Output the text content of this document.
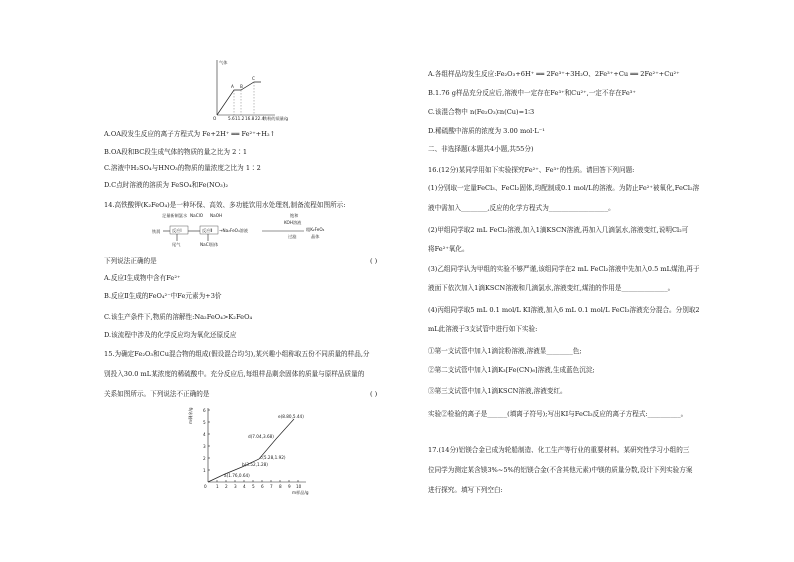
气体
O
A B
C
5.6 11.2 16.8 22.4
铁粉的质量/g
A.OA段发生反应的离子方程式为 Fe+2H⁺ ══ Fe²⁺+H₂↑
B.OA段和BC段生成气体的物质的量之比为 2∶1
C.溶液中H₂SO₄与HNO₃的物质的量浓度之比为 1∶2
D.C点时溶液的溶质为 FeSO₄和Fe(NO₃)₂
14.高铁酸钾(K₂FeO₄)是一种环保、高效、多功能饮用水处理剂,制备流程如图所示:
足量新制氯水 NaClO NaOH	饱和
KOH溶液
粗K₂FeO₄
铁屑	反应Ⅰ	反应Ⅱ →Na₂FeO₄溶液
过滤	晶体
尾气	NaCl固体
下列说法正确的是	( )
A.反应Ⅰ生成物中含有Fe²⁺
B.反应Ⅱ生成的FeO₄²⁻中Fe元素为+3价
C.该生产条件下,物质的溶解性:Na₂FeO₄>K₂FeO₄
D.该流程中涉及的化学反应均为氧化还原反应
15.为确定Fe₂O₃和Cu混合物的组成(假设混合均匀),某兴趣小组称取五份不同质量的样品,分
别投入30.0 mL某浓度的稀硫酸中。充分反应后,每组样品剩余固体的质量与原样品质量的
关系如图所示。下列说法不正确的是	( )
m剩余/g
0 1 2 3 4 5 6 7 8 9 10
m样品/g
1
2
3
4
5
6
a(1.76,0.64)
b(3.52,1.28)
c(5.28,1.92)
d(7.04,3.68)
e(8.80,5.44)
A.各组样品均发生反应:Fe₂O₃+6H⁺ ══ 2Fe³⁺+3H₂O、2Fe³⁺+Cu ══ 2Fe²⁺+Cu²⁺
B.1.76 g样品充分反应后,溶液中一定存在Fe³⁺和Cu²⁺,一定不存在Fe³⁺
C.该混合物中 n(Fe₂O₃)∶n(Cu)=1∶3
D.稀硫酸中溶质的浓度为 3.00 mol·L⁻¹
二、非选择题(本题共4小题,共55分)
16.(12分)某同学用如下实验探究Fe²⁺、Fe³⁺的性质。请回答下列问题:
(1)分别取一定量FeCl₃、FeCl₂固体,均配制成0.1 mol/L的溶液。为防止Fe²⁺被氧化,FeCl₂溶
液中需加入________,反应的化学方程式为__________________。
(2)甲组同学取2 mL FeCl₂溶液,加入1滴KSCN溶液,再加入几滴氯水,溶液变红,说明Cl₂可
将Fe²⁺氧化。
(3)乙组同学认为甲组的实验不够严谨,该组同学在2 mL FeCl₂溶液中先加入0.5 mL煤油,再于
液面下依次加入1滴KSCN溶液和几滴氯水,溶液变红,煤油的作用是______________。
(4)丙组同学取5 mL 0.1 mol/L KI溶液,加入6 mL 0.1 mol/L FeCl₃溶液充分混合。分别取2
mL此溶液于3支试管中进行如下实验:
①第一支试管中加入1滴淀粉溶液,溶液显________色;
②第二支试管中加入1滴K₃[Fe(CN)₆]溶液,生成蓝色沉淀;
③第三支试管中加入1滴KSCN溶液,溶液变红。
实验②检验的离子是______(填离子符号);写出KI与FeCl₃反应的离子方程式:__________。
17.(14分)铝镁合金已成为轮船制造、化工生产等行业的重要材料。某研究性学习小组的三
位同学为测定某含镁3%~5%的铝镁合金(不含其他元素)中镁的质量分数,设计下列实验方案
进行探究。填写下列空白:
